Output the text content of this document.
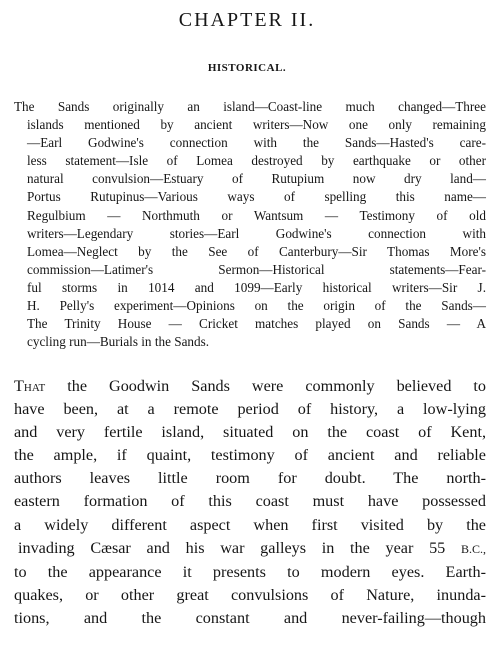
CHAPTER II.
HISTORICAL.
The Sands originally an island—Coast-line much changed—Three
islands mentioned by ancient writers—Now one only remaining
—Earl Godwine's connection with the Sands—Hasted's care-
less statement—Isle of Lomea destroyed by earthquake or other
natural convulsion—Estuary of Rutupium now dry land—
Portus Rutupinus—Various ways of spelling this name—
Regulbium — Northmuth or Wantsum — Testimony of old
writers—Legendary stories—Earl Godwine's connection with
Lomea—Neglect by the See of Canterbury—Sir Thomas More's
commission—Latimer's Sermon—Historical statements—Fear-
ful storms in 1014 and 1099—Early historical writers—Sir J.
H. Pelly's experiment—Opinions on the origin of the Sands—
The Trinity House — Cricket matches played on Sands — A
cycling run—Burials in the Sands.
That the Goodwin Sands were commonly believed to
have been, at a remote period of history, a low-lying
and very fertile island, situated on the coast of Kent,
the ample, if quaint, testimony of ancient and reliable
authors leaves little room for doubt. The north-
eastern formation of this coast must have possessed
a widely different aspect when first visited by the
invading Cæsar and his war galleys in the year 55 B.C.,
to the appearance it presents to modern eyes. Earth-
quakes, or other great convulsions of Nature, inunda-
tions, and the constant and never-failing—though
